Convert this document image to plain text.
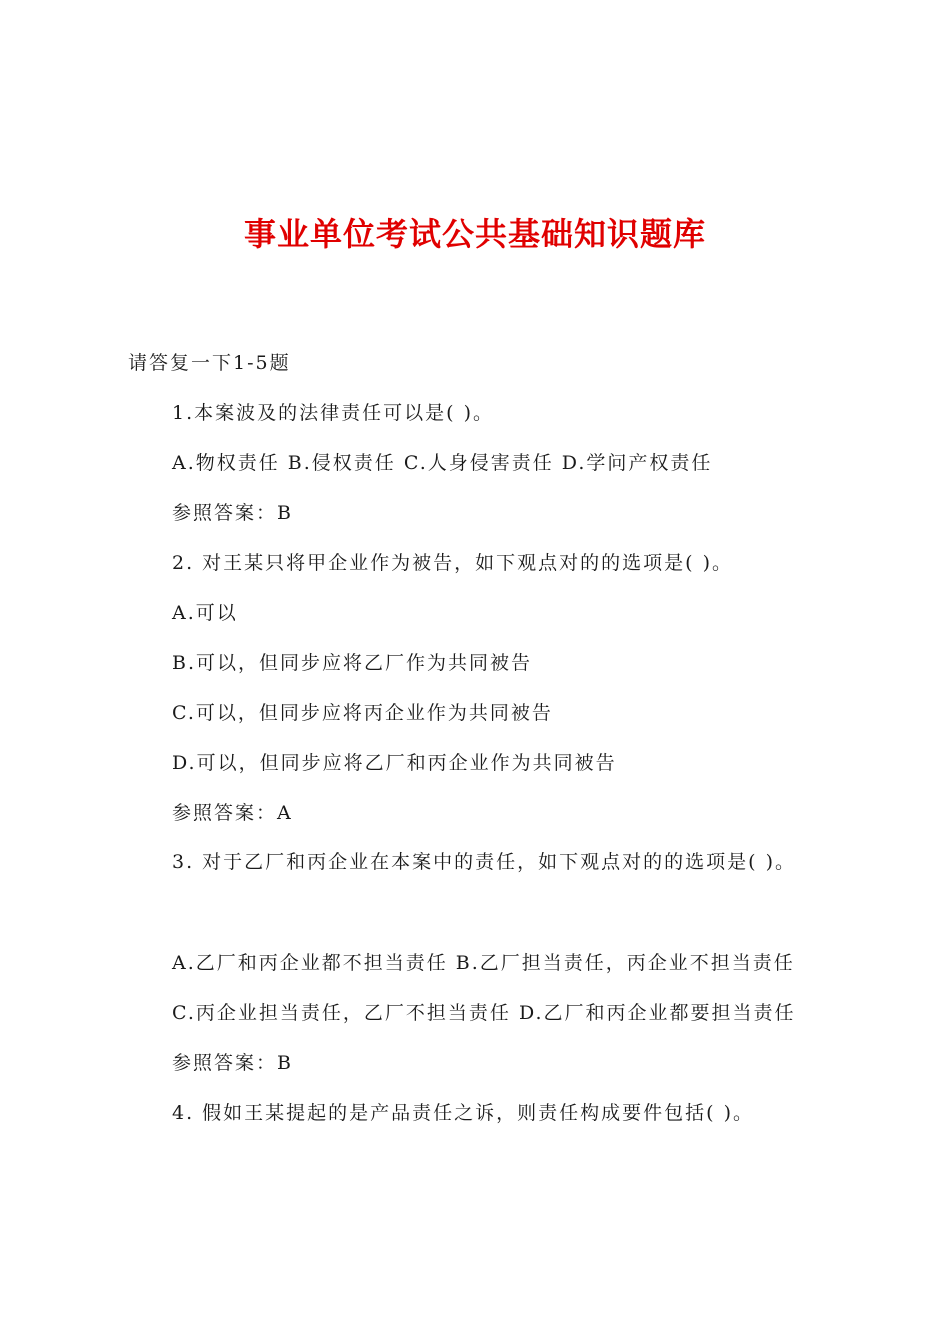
事业单位考试公共基础知识题库

请答复一下1-5题

1.本案波及的法律责任可以是( )。

A.物权责任 B.侵权责任 C.人身侵害责任 D.学问产权责任

参照答案：B

2. 对王某只将甲企业作为被告，如下观点对的的选项是( )。

A.可以

B.可以，但同步应将乙厂作为共同被告

C.可以，但同步应将丙企业作为共同被告

D.可以，但同步应将乙厂和丙企业作为共同被告

参照答案：A

3. 对于乙厂和丙企业在本案中的责任，如下观点对的的选项是( )。

A.乙厂和丙企业都不担当责任 B.乙厂担当责任，丙企业不担当责任

C.丙企业担当责任，乙厂不担当责任 D.乙厂和丙企业都要担当责任

参照答案：B

4. 假如王某提起的是产品责任之诉，则责任构成要件包括( )。
